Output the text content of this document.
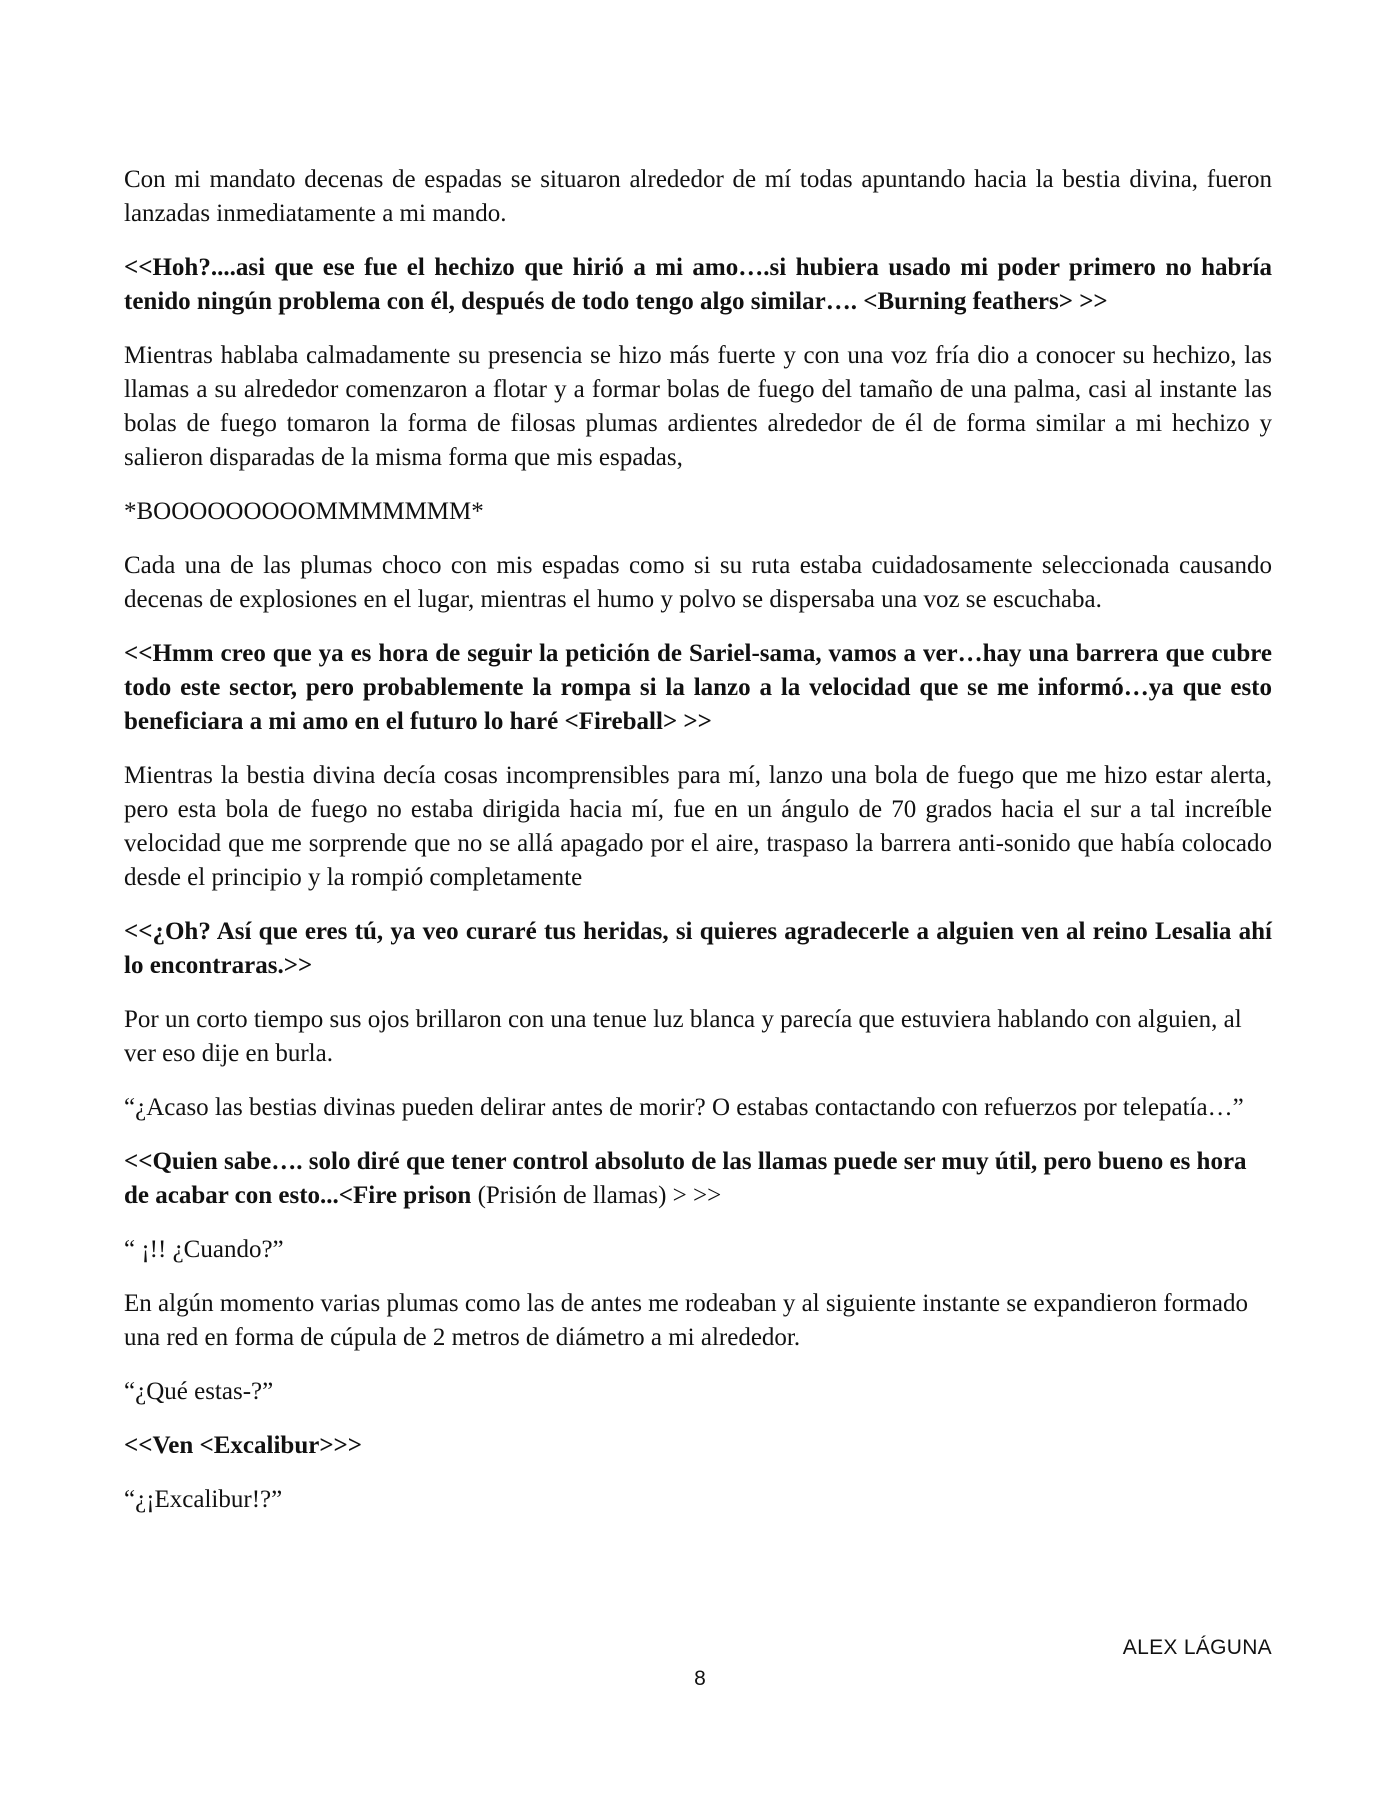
Con mi mandato decenas de espadas se situaron alrededor de mí todas apuntando hacia la bestia divina, fueron lanzadas inmediatamente a mi mando.

<<Hoh?....asi que ese fue el hechizo que hirió a mi amo….si hubiera usado mi poder primero no habría tenido ningún problema con él, después de todo tengo algo similar…. <Burning feathers> >>

Mientras hablaba calmadamente su presencia se hizo más fuerte y con una voz fría dio a conocer su hechizo, las llamas a su alrededor comenzaron a flotar y a formar bolas de fuego del tamaño de una palma, casi al instante las bolas de fuego tomaron la forma de filosas plumas ardientes alrededor de él de forma similar a mi hechizo y salieron disparadas de la misma forma que mis espadas,

*BOOOOOOOOOMMMMMMM*

Cada una de las plumas choco con mis espadas como si su ruta estaba cuidadosamente seleccionada causando decenas de explosiones en el lugar, mientras el humo y polvo se dispersaba una voz se escuchaba.

<<Hmm creo que ya es hora de seguir la petición de Sariel-sama, vamos a ver…hay una barrera que cubre todo este sector, pero probablemente la rompa si la lanzo a la velocidad que se me informó…ya que esto beneficiara a mi amo en el futuro lo haré <Fireball> >>

Mientras la bestia divina decía cosas incomprensibles para mí, lanzo una bola de fuego que me hizo estar alerta, pero esta bola de fuego no estaba dirigida hacia mí, fue en un ángulo de 70 grados hacia el sur a tal increíble velocidad que me sorprende que no se allá apagado por el aire, traspaso la barrera anti-sonido que había colocado desde el principio y la rompió completamente

<<¿Oh? Así que eres tú, ya veo curaré tus heridas, si quieres agradecerle a alguien ven al reino Lesalia ahí lo encontraras.>>

Por un corto tiempo sus ojos brillaron con una tenue luz blanca y parecía que estuviera hablando con alguien, al ver eso dije en burla.

“¿Acaso las bestias divinas pueden delirar antes de morir? O estabas contactando con refuerzos por telepatía…”

<<Quien sabe…. solo diré que tener control absoluto de las llamas puede ser muy útil, pero bueno es hora de acabar con esto...<Fire prison (Prisión de llamas) > >>

“ ¡!! ¿Cuando?”

En algún momento varias plumas como las de antes me rodeaban y al siguiente instante se expandieron formado una red en forma de cúpula de 2 metros de diámetro a mi alrededor.

“¿Qué estas-?”

<<Ven <Excalibur>>>

“¿¡Excalibur!?”

ALEX LÁGUNA
8
